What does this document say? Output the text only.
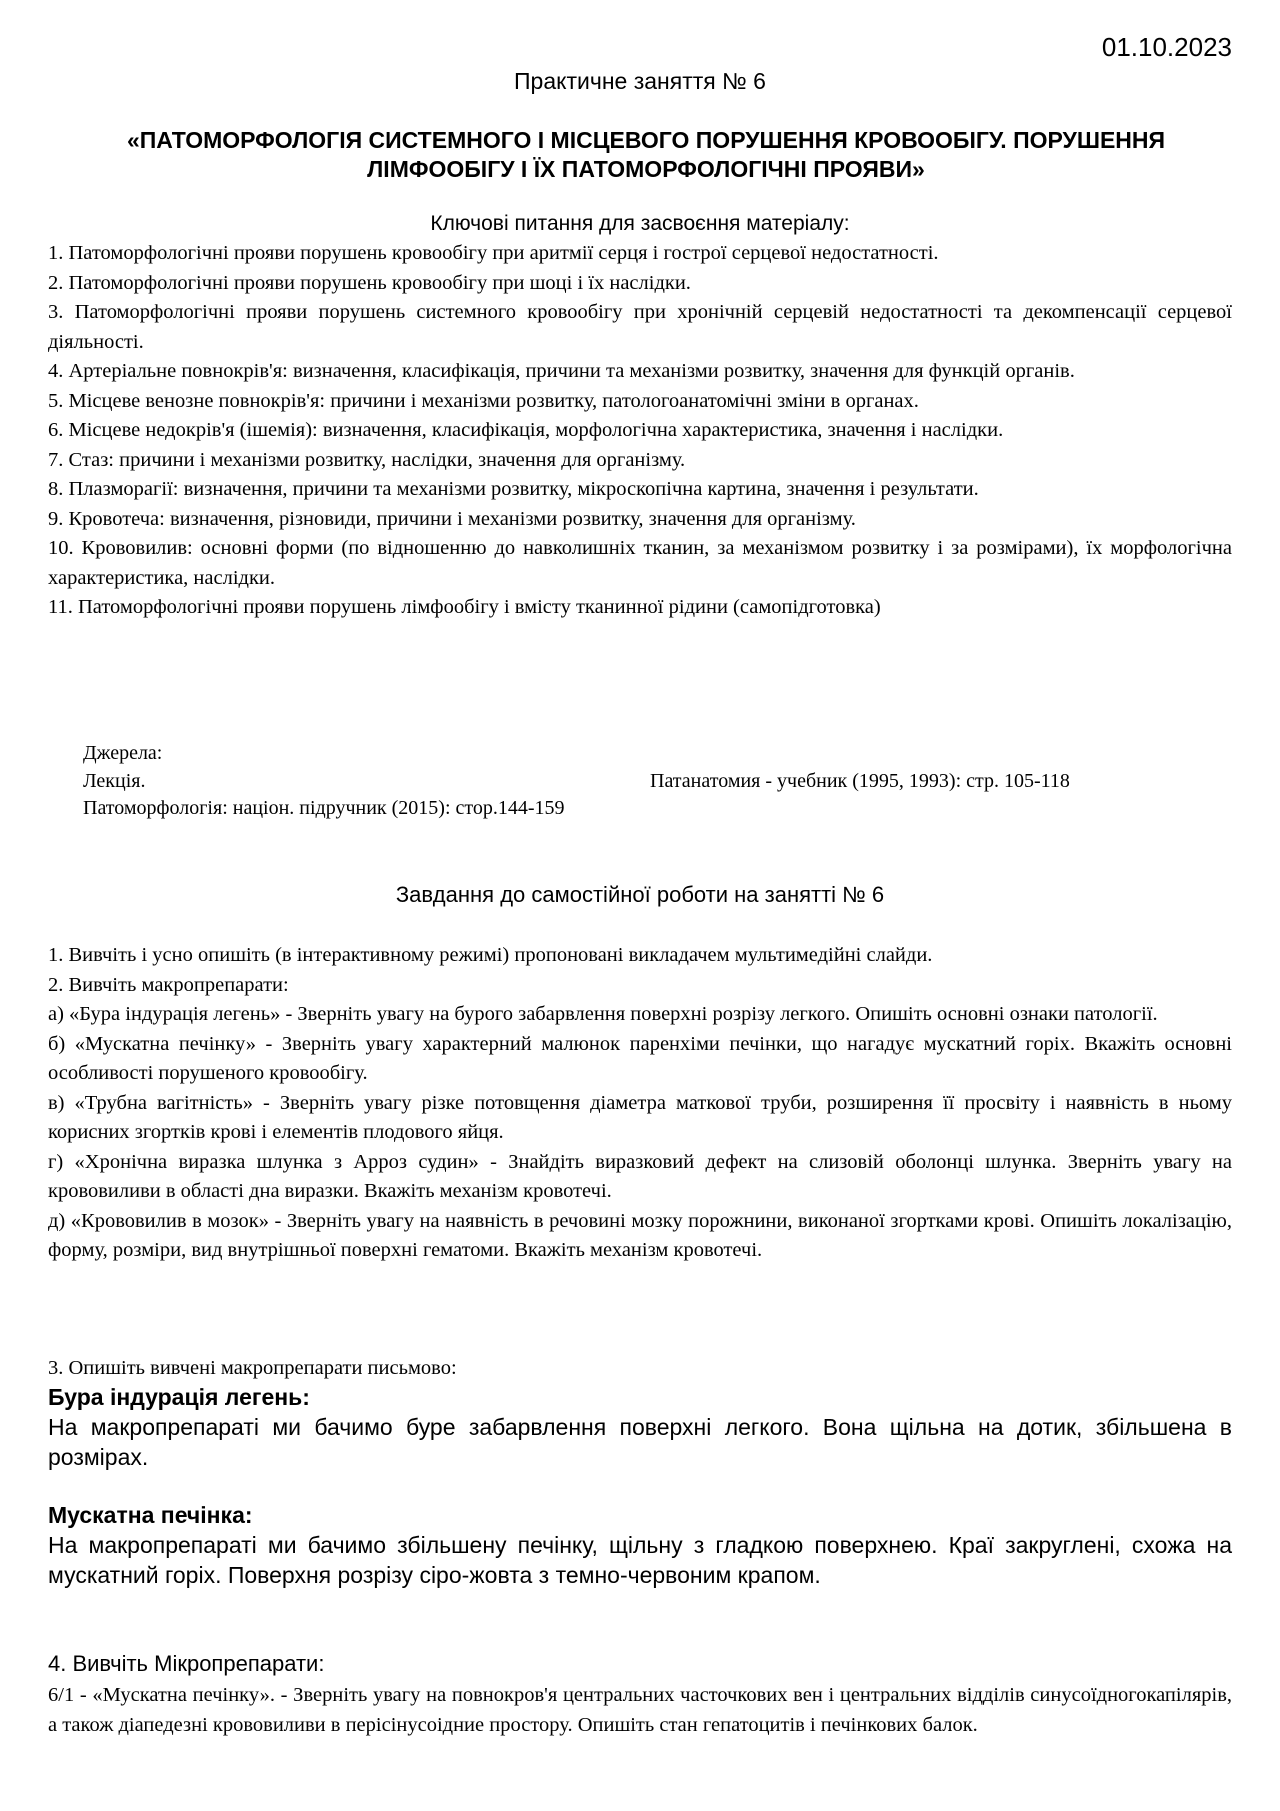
01.10.2023
Практичне заняття № 6
«ПАТОМОРФОЛОГІЯ СИСТЕМНОГО І МІСЦЕВОГО ПОРУШЕННЯ КРОВООБІГУ. ПОРУШЕННЯ ЛІМФООБІГУ І ЇХ ПАТОМОРФОЛОГІЧНІ ПРОЯВИ»
Ключові питання для засвоєння матеріалу:

1. Патоморфологічні прояви порушень кровообігу при аритмії серця і гострої серцевої недостатності.

2. Патоморфологічні прояви порушень кровообігу при шоці і їх наслідки.

3. Патоморфологічні прояви порушень системного кровообігу при хронічній серцевій недостатності та декомпенсації серцевої діяльності.

4. Артеріальне повнокрів'я: визначення, класифікація, причини та механізми розвитку, значення для функцій органів.

5. Місцеве венозне повнокрів'я: причини і механізми розвитку, патологоанатомічні зміни в органах.

6. Місцеве недокрів'я (ішемія): визначення, класифікація, морфологічна характеристика, значення і наслідки.

7. Стаз: причини і механізми розвитку, наслідки, значення для організму.

8. Плазморагії: визначення, причини та механізми розвитку, мікроскопічна картина, значення і результати.

9. Кровотеча: визначення, різновиди, причини і механізми розвитку, значення для організму.

10. Крововилив: основні форми (по відношенню до навколишніх тканин, за механізмом розвитку і за розмірами), їх морфологічна характеристика, наслідки.

11. Патоморфологічні прояви порушень лімфообігу і вмісту тканинної рідини (самопідготовка)

Джерела:

Лекція.

Патоморфологія: націон. підручник (2015): стор.144-159

Патанатомия - учебник (1995, 1993): стр. 105-118
Завдання до самостійної роботи на занятті № 6

1. Вивчіть і усно опишіть (в інтерактивному режимі) пропоновані викладачем мультимедійні слайди.

2. Вивчіть макропрепарати:

а) «Бура індурація легень» - Зверніть увагу на бурого забарвлення поверхні розрізу легкого. Опишіть основні ознаки патології.

б) «Мускатна печінку» - Зверніть увагу характерний малюнок паренхіми печінки, що нагадує мускатний горіх. Вкажіть основні особливості порушеного кровообігу.

в) «Трубна вагітність» - Зверніть увагу різке потовщення діаметра маткової труби, розширення її просвіту і наявність в ньому корисних згортків крові і елементів плодового яйця.

г) «Хронічна виразка шлунка з Арроз судин» - Знайдіть виразковий дефект на слизовій оболонці шлунка. Зверніть увагу на крововиливи в області дна виразки. Вкажіть механізм кровотечі.

д) «Крововилив в мозок» - Зверніть увагу на наявність в речовині мозку порожнини, виконаної згортками крові. Опишіть локалізацію, форму, розміри, вид внутрішньої поверхні гематоми. Вкажіть механізм кровотечі.

3. Опишіть вивчені макропрепарати письмово:

Бура індурація легень:

На макропрепараті ми бачимо буре забарвлення поверхні легкого. Вона щільна на дотик, збільшена в розмірах.

Мускатна печінка:

На макропрепараті ми бачимо збільшену печінку, щільну з гладкою поверхнею. Краї закруглені, схожа на мускатний горіх. Поверхня розрізу сіро-жовта з темно-червоним крапом.

4. Вивчіть Мікропрепарати:
6/1 - «Мускатна печінку». - Зверніть увагу на повнокров'я центральних часточкових вен і центральних відділів синусоїдногокапілярів, а також діапедезні крововиливи в перісінусоідние простору. Опишіть стан гепатоцитів і печінкових балок.
